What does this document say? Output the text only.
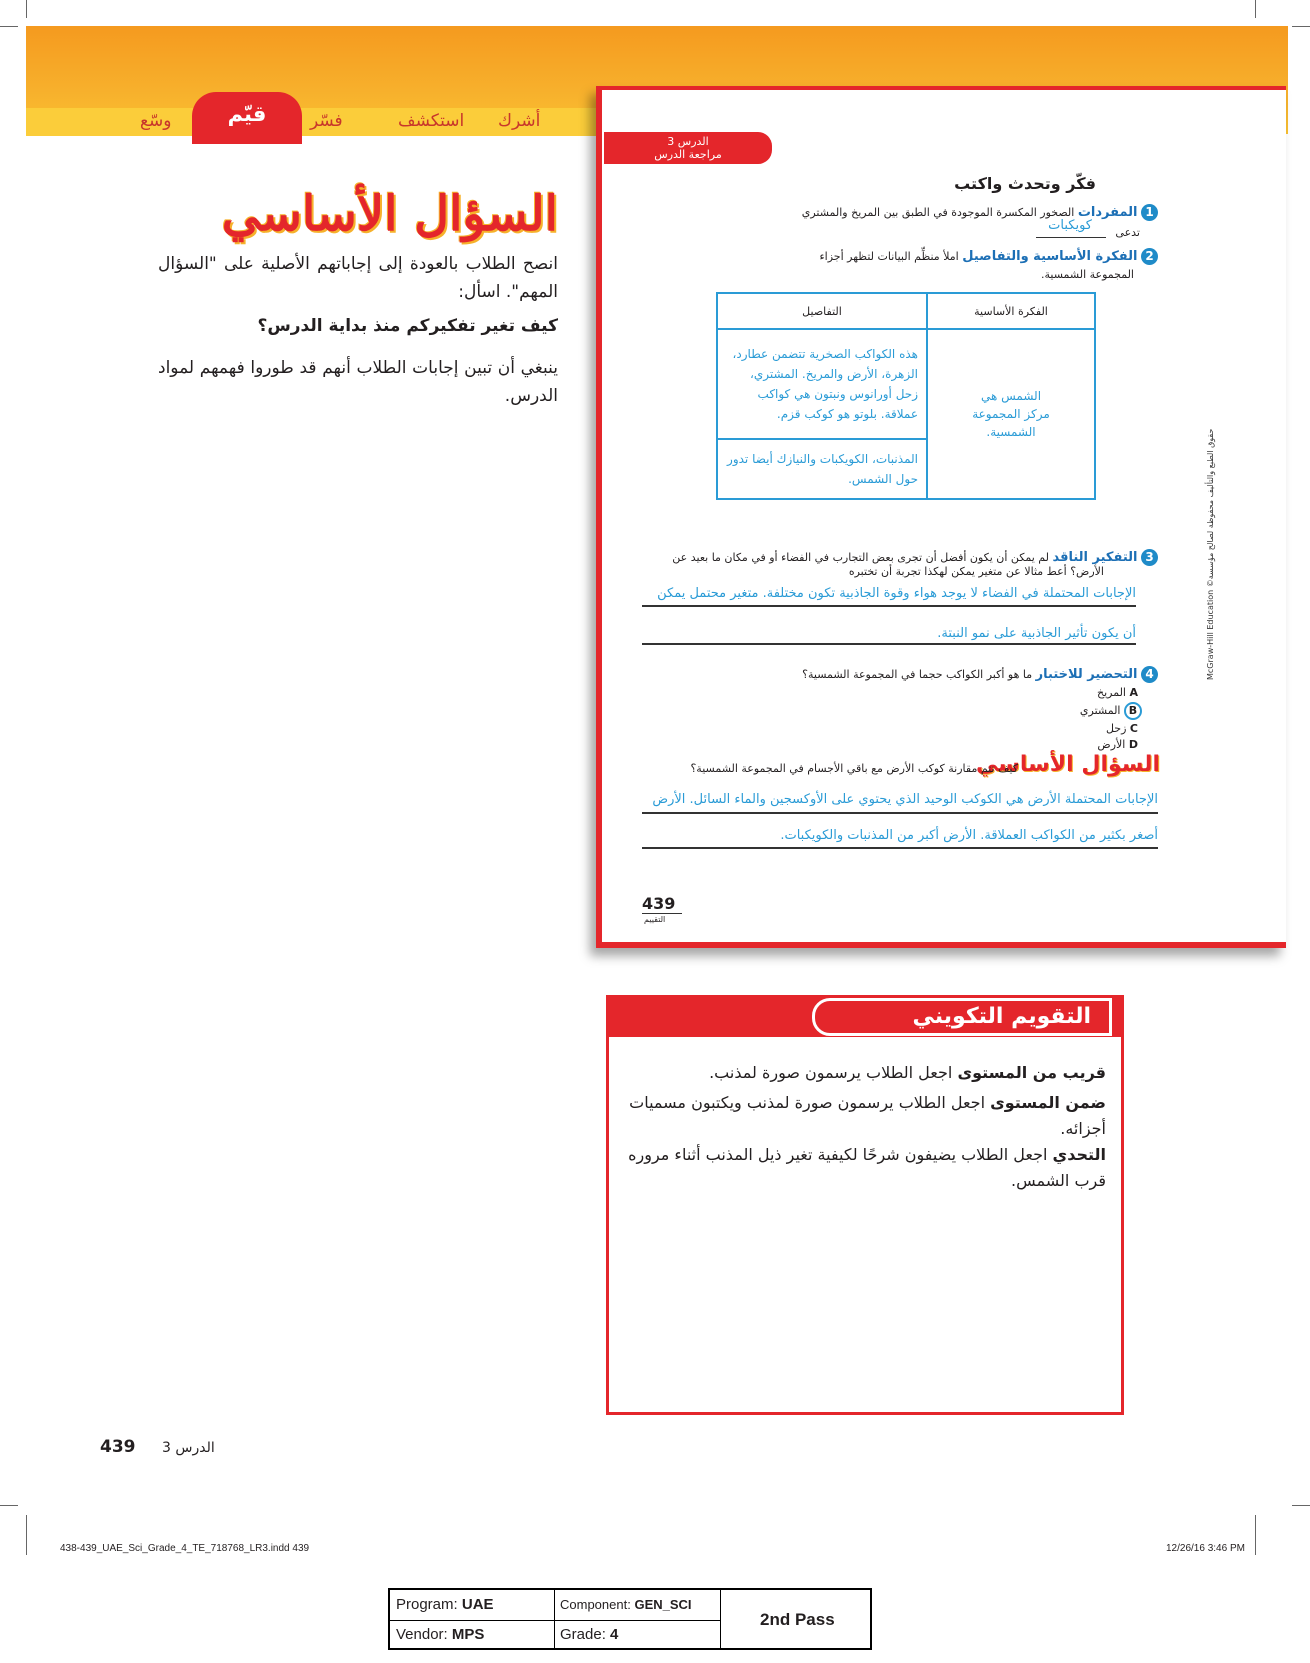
أشرك
استكشف
فسّر
قيّم
وسّع
السؤال الأساسي
انصح الطلاب بالعودة إلى إجاباتهم الأصلية على "السؤال المهم". اسأل:
كيف تغير تفكيركم منذ بداية الدرس؟
ينبغي أن تبين إجابات الطلاب أنهم قد طوروا فهمهم لمواد الدرس.
الدرس 3
مراجعة الدرس
فكّر وتحدث واكتب
1 المفردات الصخور المكسرة الموجودة في الطبق بين المريخ والمشتري
تدعى
كويكبات
2 الفكرة الأساسية والتفاصيل املأ منظِّم البيانات لتظهر أجزاء
المجموعة الشمسية.
الفكرة الأساسية	التفاصيل
الشمس هي مركز المجموعة الشمسية.	هذه الكواكب الصخرية تتضمن عطارد، الزهرة، الأرض والمريخ. المشتري، زحل أورانوس ونبتون هي كواكب عملاقة. بلوتو هو كوكب قزم.
	المذنبات، الكويكبات والنيازك أيضا تدور حول الشمس.
3 التفكير الناقد لم يمكن أن يكون أفضل أن تجرى بعض التجارب في الفضاء أو في مكان ما بعيد عن
الأرض؟ أعط مثالا عن متغير يمكن لهكذا تجربة أن تختبره
الإجابات المحتملة في الفضاء لا يوجد هواء وقوة الجاذبية تكون مختلفة. متغير محتمل يمكن
أن يكون تأثير الجاذبية على نمو النبتة.
4 التحضير للاختبار ما هو أكبر الكواكب حجما في المجموعة الشمسية؟
A المريخ
B المشتري
C زحل
D الأرض
السؤال الأساسي
كيف تتم مقارنة كوكب الأرض مع باقي الأجسام في المجموعة الشمسية؟
الإجابات المحتملة الأرض هي الكوكب الوحيد الذي يحتوي على الأوكسجين والماء السائل. الأرض
أصغر بكثير من الكواكب العملاقة. الأرض أكبر من المذنبات والكويكبات.
439
التقييم
McGraw-Hill Education ©حقوق الطبع والتأليف محفوظة لصالح مؤسسة
التقويم التكويني
قريب من المستوى اجعل الطلاب يرسمون صورة لمذنب.
ضمن المستوى اجعل الطلاب يرسمون صورة لمذنب ويكتبون مسميات أجزائه.
التحدي اجعل الطلاب يضيفون شرحًا لكيفية تغير ذيل المذنب أثناء مروره قرب الشمس.
439 الدرس 3
438-439_UAE_Sci_Grade_4_TE_718768_LR3.indd 439	12/26/16 3:46 PM
Program: UAE	Component: GEN_SCI
Vendor: MPS	Grade: 4
2nd Pass
